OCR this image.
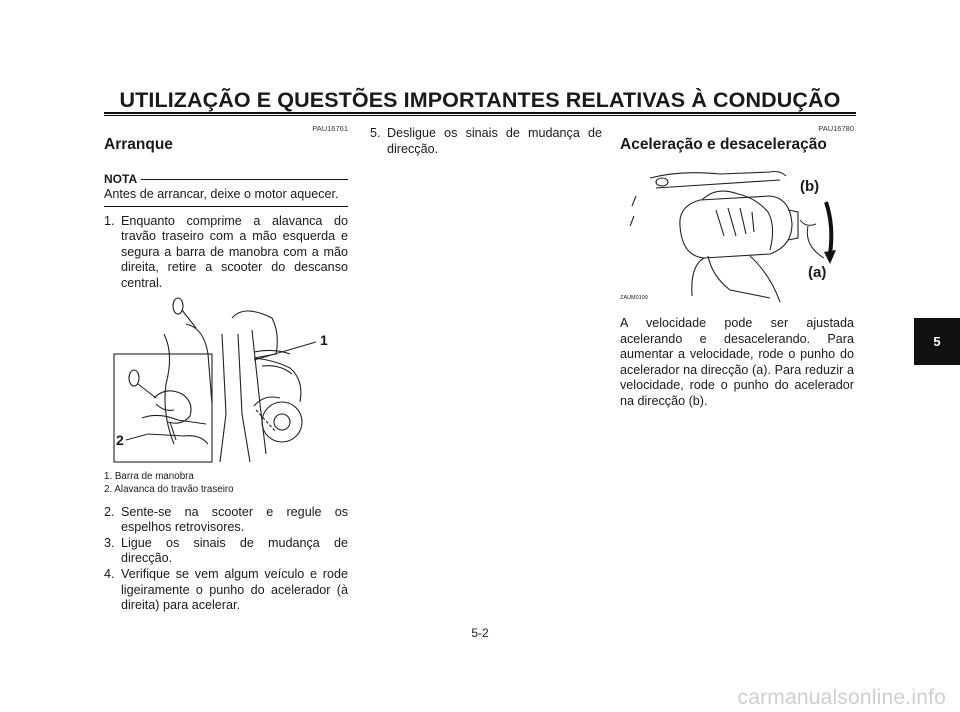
UTILIZAÇÃO E QUESTÕES IMPORTANTES RELATIVAS À CONDUÇÃO
PAU16761
Arranque
NOTA
Antes de arrancar, deixe o motor aquecer.
1. Enquanto comprime a alavanca do travão traseiro com a mão esquerda e segura a barra de manobra com a mão direita, retire a scooter do descanso central.
1
2
1. Barra de manobra
2. Alavanca do travão traseiro
2. Sente-se na scooter e regule os espelhos retrovisores.
3. Ligue os sinais de mudança de direcção.
4. Verifique se vem algum veículo e rode ligeiramente o punho do acelerador (à direita) para acelerar.
5. Desligue os sinais de mudança de direcção.
PAU16780
Aceleração e desaceleração
(b)
(a)
ZAUM0199

A velocidade pode ser ajustada acelerando e desacelerando. Para aumentar a velocidade, rode o punho do acelerador na direcção (a). Para reduzir a velocidade, rode o punho do acelerador na direcção (b).

5
5-2
carmanualsonline.info
